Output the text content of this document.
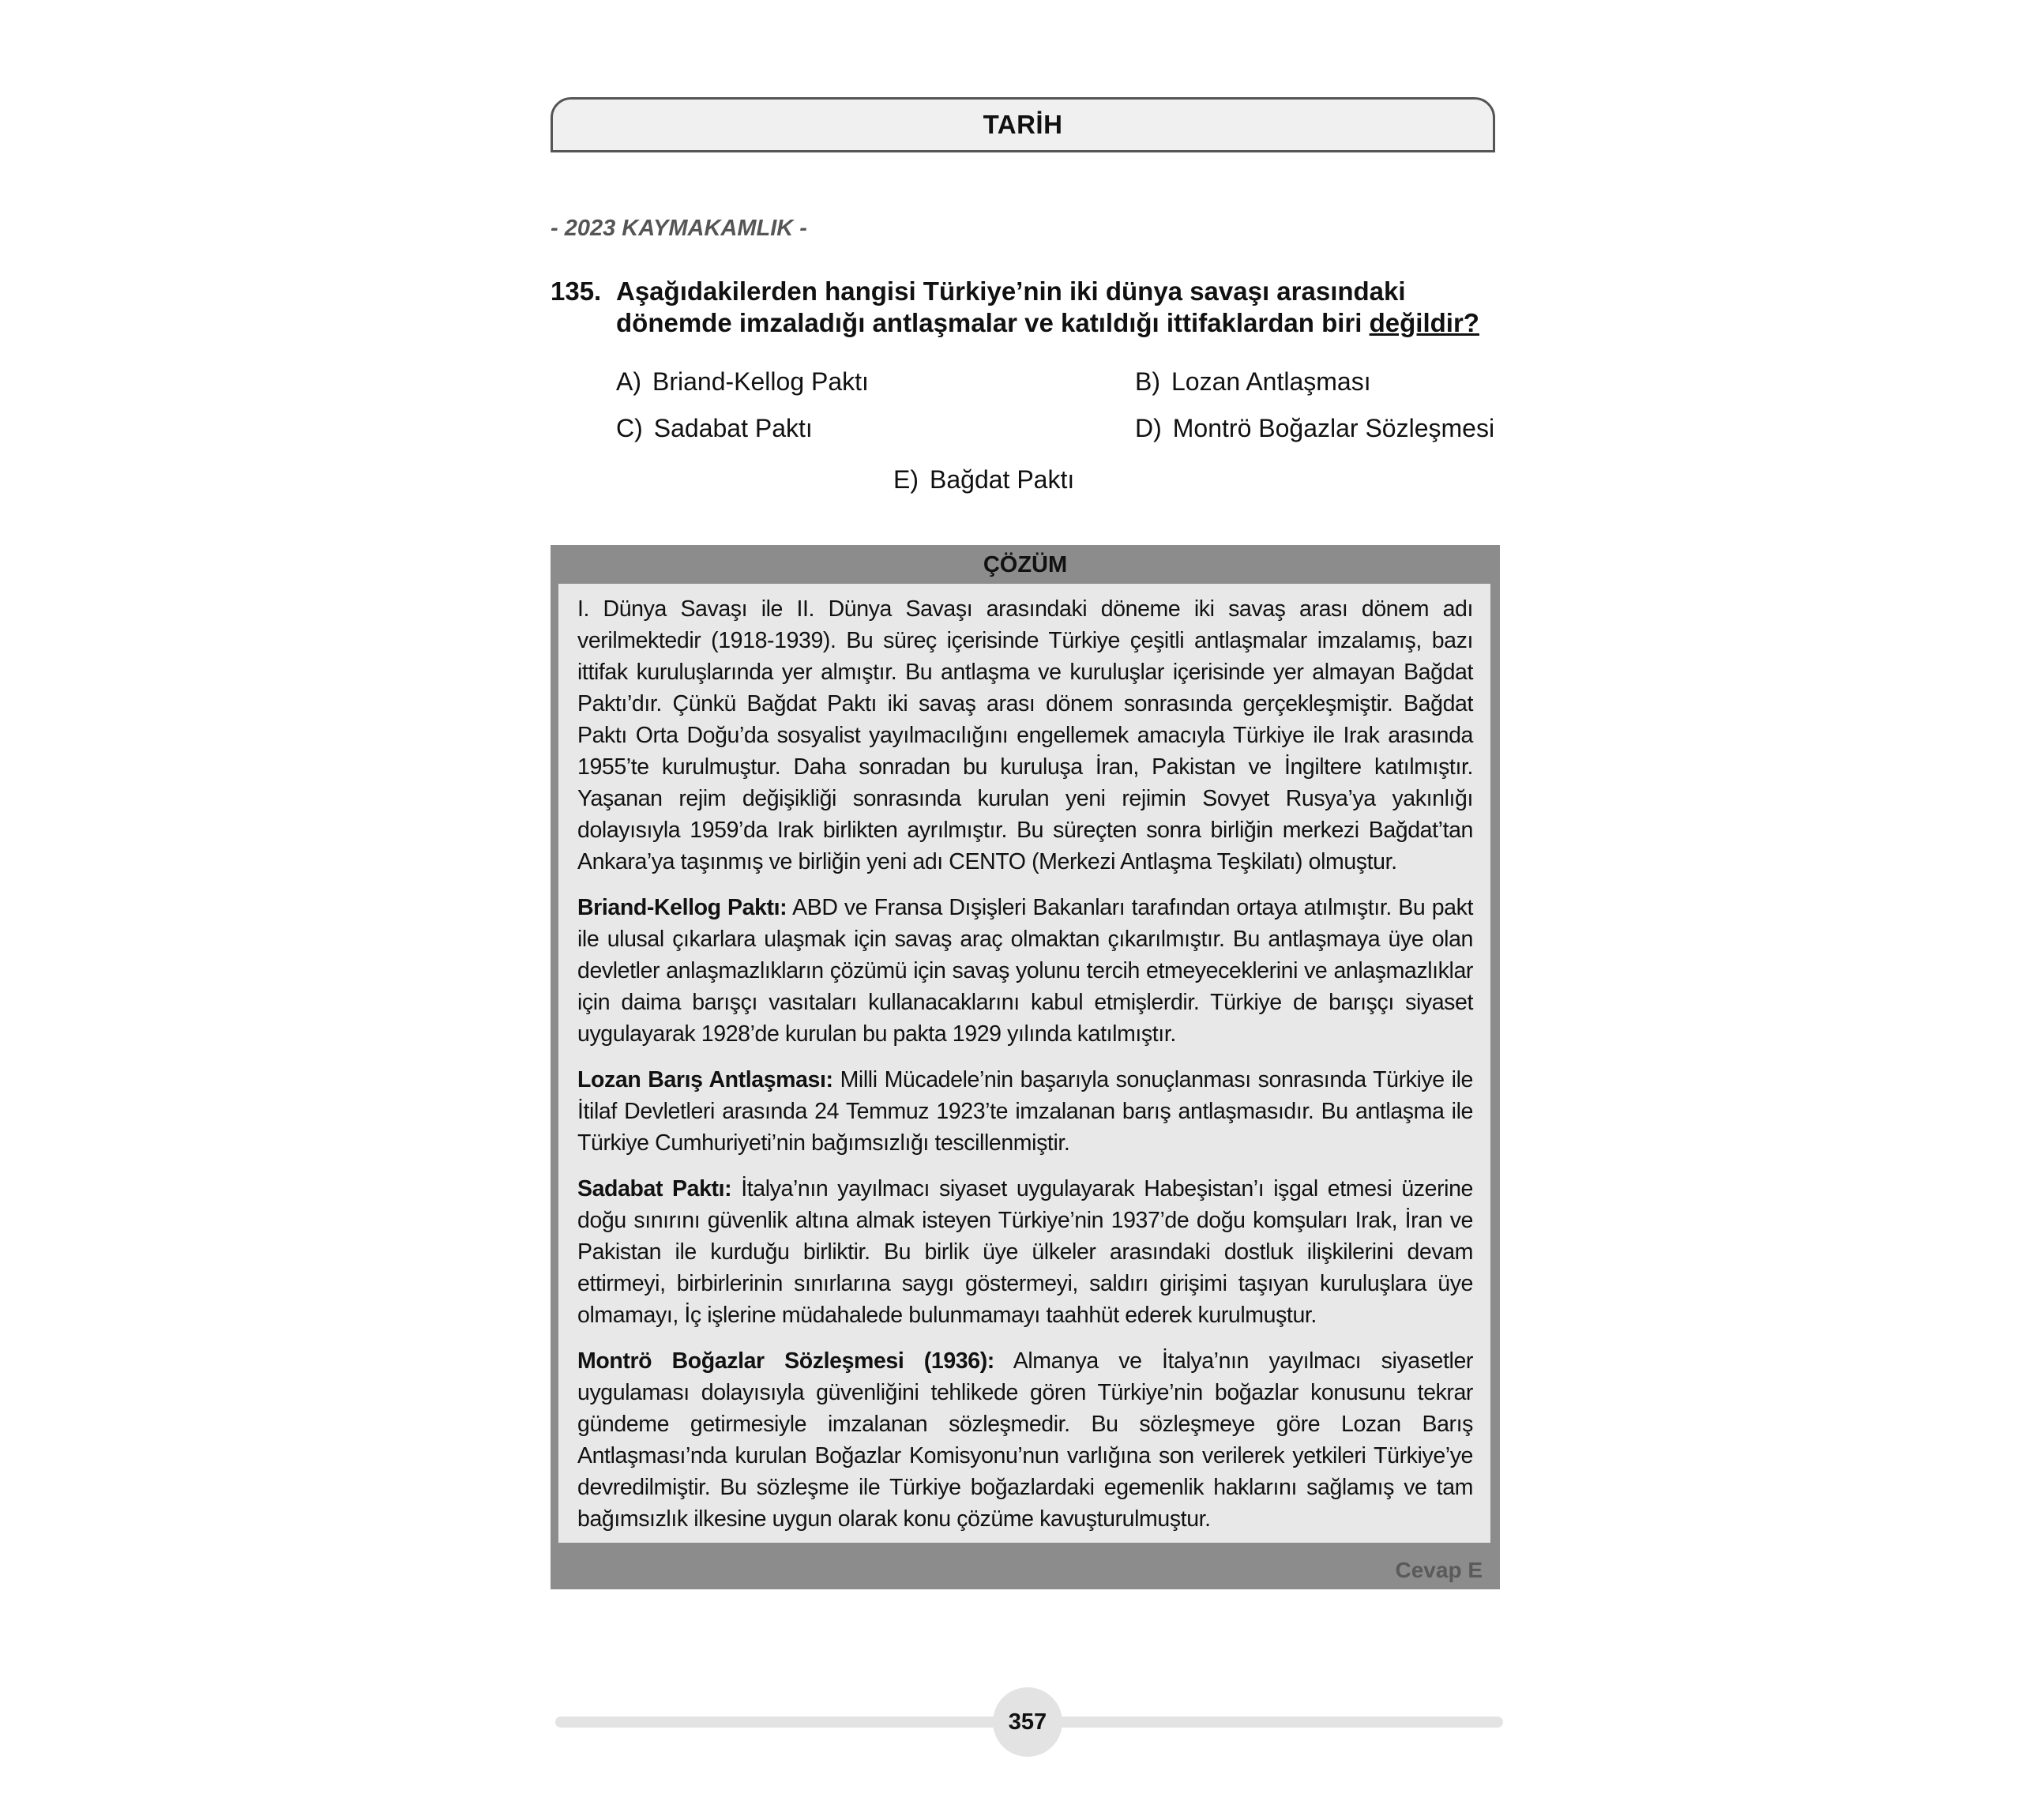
TARİH
- 2023 KAYMAKAMLIK -
135. Aşağıdakilerden hangisi Türkiye’nin iki dünya savaşı arasındaki dönemde imzaladığı antlaşmalar ve katıldığı ittifaklardan biri değildir?
A) Briand-Kellog Paktı	B) Lozan Antlaşması
C) Sadabat Paktı	D) Montrö Boğazlar Sözleşmesi
E) Bağdat Paktı
ÇÖZÜM

I. Dünya Savaşı ile II. Dünya Savaşı arasındaki döneme iki savaş arası dönem adı verilmektedir (1918-1939). Bu süreç içerisinde Türkiye çeşitli antlaşmalar imzalamış, bazı ittifak kuruluşlarında yer almıştır. Bu antlaşma ve kuruluşlar içerisinde yer almayan Bağdat Paktı’dır. Çünkü Bağdat Paktı iki savaş arası dönem sonrasında gerçekleşmiştir. Bağdat Paktı Orta Doğu’da sosyalist yayılmacılığını engellemek amacıyla Türkiye ile Irak arasında 1955’te kurulmuştur. Daha sonradan bu kuruluşa İran, Pakistan ve İngiltere katılmıştır. Yaşanan rejim değişikliği sonrasında kurulan yeni rejimin Sovyet Rusya’ya yakınlığı dolayısıyla 1959’da Irak birlikten ayrılmıştır. Bu süreçten sonra birliğin merkezi Bağdat’tan Ankara’ya taşınmış ve birliğin yeni adı CENTO (Merkezi Antlaşma Teşkilatı) olmuştur.

Briand-Kellog Paktı: ABD ve Fransa Dışişleri Bakanları tarafından ortaya atılmıştır. Bu pakt ile ulusal çıkarlara ulaşmak için savaş araç olmaktan çıkarılmıştır. Bu antlaşmaya üye olan devletler anlaşmazlıkların çözümü için savaş yolunu tercih etmeyeceklerini ve anlaşmazlıklar için daima barışçı vasıtaları kullanacaklarını kabul etmişlerdir. Türkiye de barışçı siyaset uygulayarak 1928’de kurulan bu pakta 1929 yılında katılmıştır.

Lozan Barış Antlaşması: Milli Mücadele’nin başarıyla sonuçlanması sonrasında Türkiye ile İtilaf Devletleri arasında 24 Temmuz 1923’te imzalanan barış antlaşmasıdır. Bu antlaşma ile Türkiye Cumhuriyeti’nin bağımsızlığı tescillenmiştir.

Sadabat Paktı: İtalya’nın yayılmacı siyaset uygulayarak Habeşistan’ı işgal etmesi üzerine doğu sınırını güvenlik altına almak isteyen Türkiye’nin 1937’de doğu komşuları Irak, İran ve Pakistan ile kurduğu birliktir. Bu birlik üye ülkeler arasındaki dostluk ilişkilerini devam ettirmeyi, birbirlerinin sınırlarına saygı göstermeyi, saldırı girişimi taşıyan kuruluşlara üye olmamayı, İç işlerine müdahalede bulunmamayı taahhüt ederek kurulmuştur.

Montrö Boğazlar Sözleşmesi (1936): Almanya ve İtalya’nın yayılmacı siyasetler uygulaması dolayısıyla güvenliğini tehlikede gören Türkiye’nin boğazlar konusunu tekrar gündeme getirmesiyle imzalanan sözleşmedir. Bu sözleşmeye göre Lozan Barış Antlaşması’nda kurulan Boğazlar Komisyonu’nun varlığına son verilerek yetkileri Türkiye’ye devredilmiştir. Bu sözleşme ile Türkiye boğazlardaki egemenlik haklarını sağlamış ve tam bağımsızlık ilkesine uygun olarak konu çözüme kavuşturulmuştur.

Cevap E
357
